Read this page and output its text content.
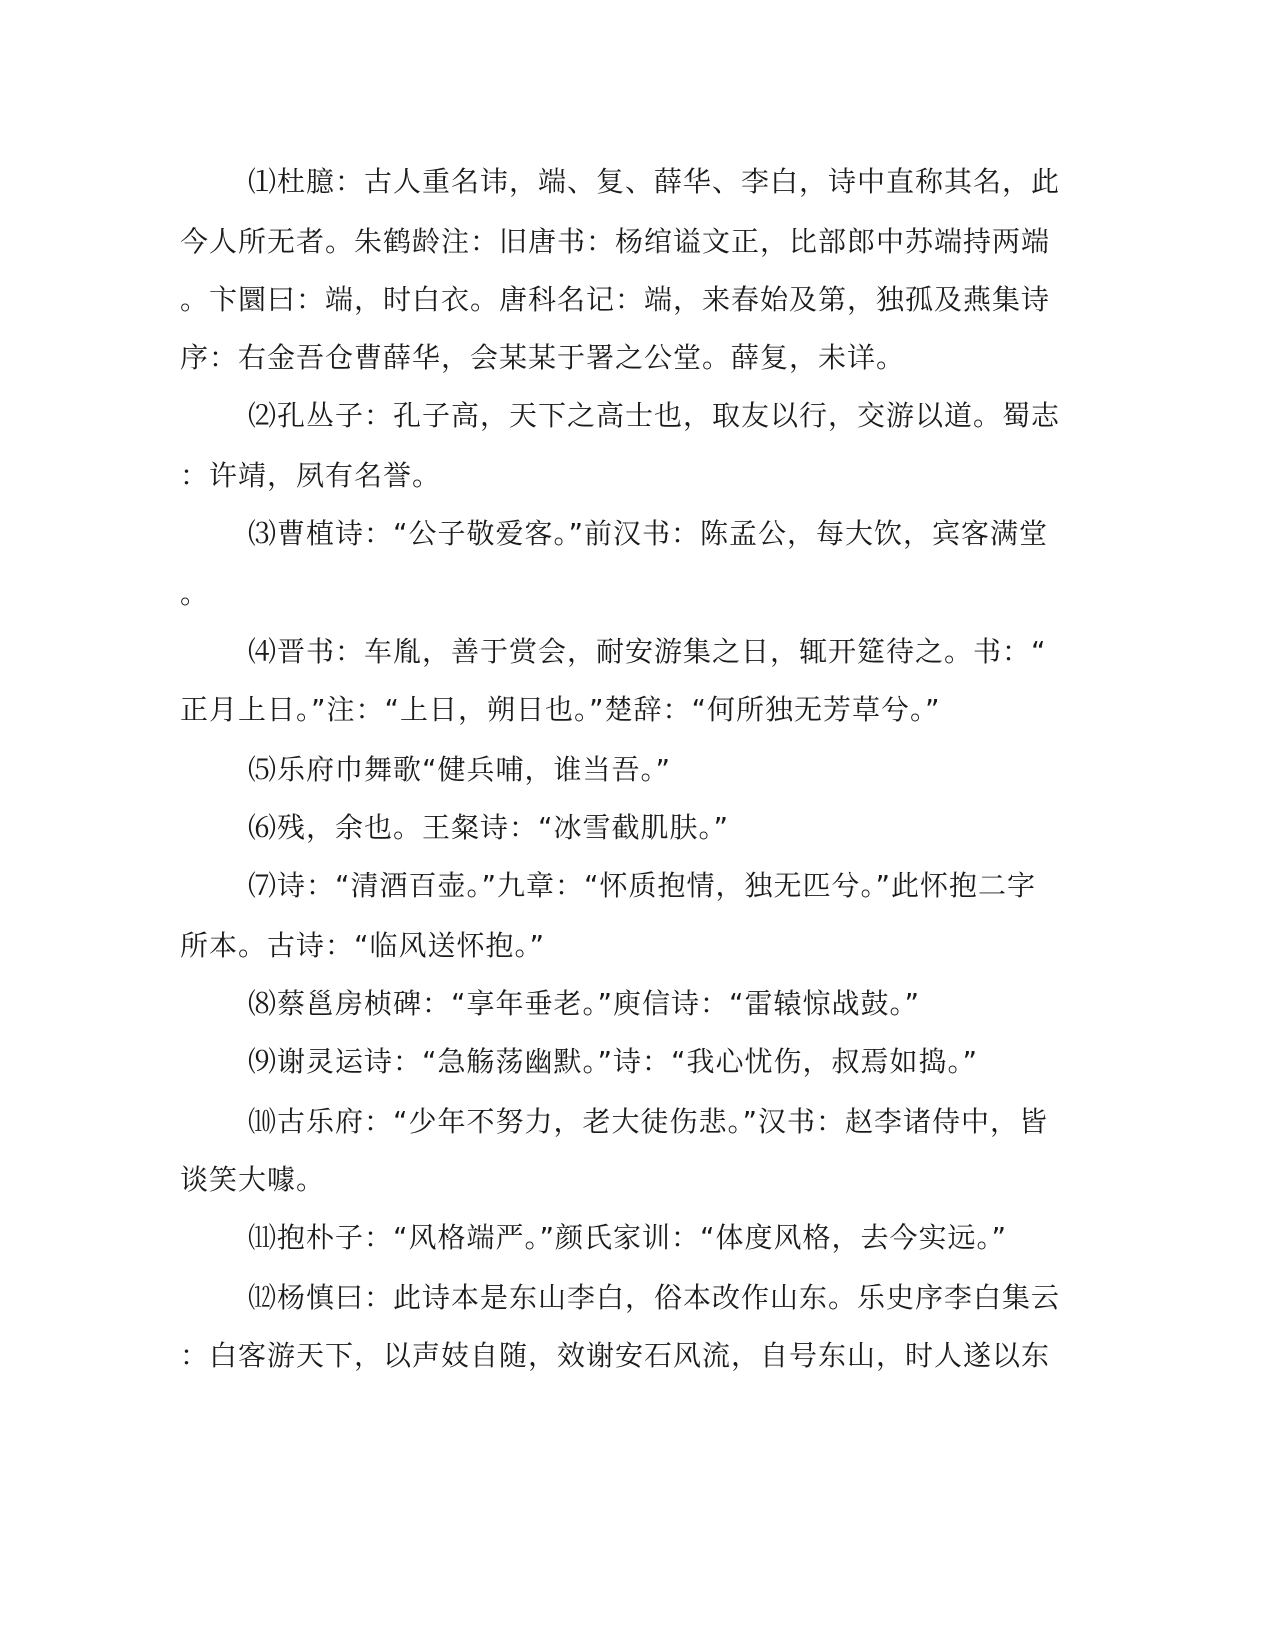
⑴杜臆：古人重名讳，端、复、薛华、李白，诗中直称其名，此
今人所无者。朱鹤龄注：旧唐书：杨绾谥文正，比部郎中苏端持两端
。卞圜曰：端，时白衣。唐科名记：端，来春始及第，独孤及燕集诗
序：右金吾仓曹薛华，会某某于署之公堂。薛复，未详。
⑵孔丛子：孔子高，天下之高士也，取友以行，交游以道。蜀志
：许靖，夙有名誉。
⑶曹植诗：“公子敬爱客。”前汉书：陈孟公，每大饮，宾客满堂
。
⑷晋书：车胤，善于赏会，耐安游集之日，辄开筵待之。书：“
正月上日。”注：“上日，朔日也。”楚辞：“何所独无芳草兮。”
⑸乐府巾舞歌“健兵哺，谁当吾。”
⑹残，余也。王粲诗：“冰雪截肌肤。”
⑺诗：“清酒百壶。”九章：“怀质抱情，独无匹兮。”此怀抱二字
所本。古诗：“临风送怀抱。”
⑻蔡邕房桢碑：“享年垂老。”庾信诗：“雷辕惊战鼓。”
⑼谢灵运诗：“急觞荡幽默。”诗：“我心忧伤，叔焉如捣。”
⑽古乐府：“少年不努力，老大徒伤悲。”汉书：赵李诸侍中，皆
谈笑大噱。
⑾抱朴子：“风格端严。”颜氏家训：“体度风格，去今实远。”
⑿杨慎曰：此诗本是东山李白，俗本改作山东。乐史序李白集云
：白客游天下，以声妓自随，效谢安石风流，自号东山，时人遂以东
